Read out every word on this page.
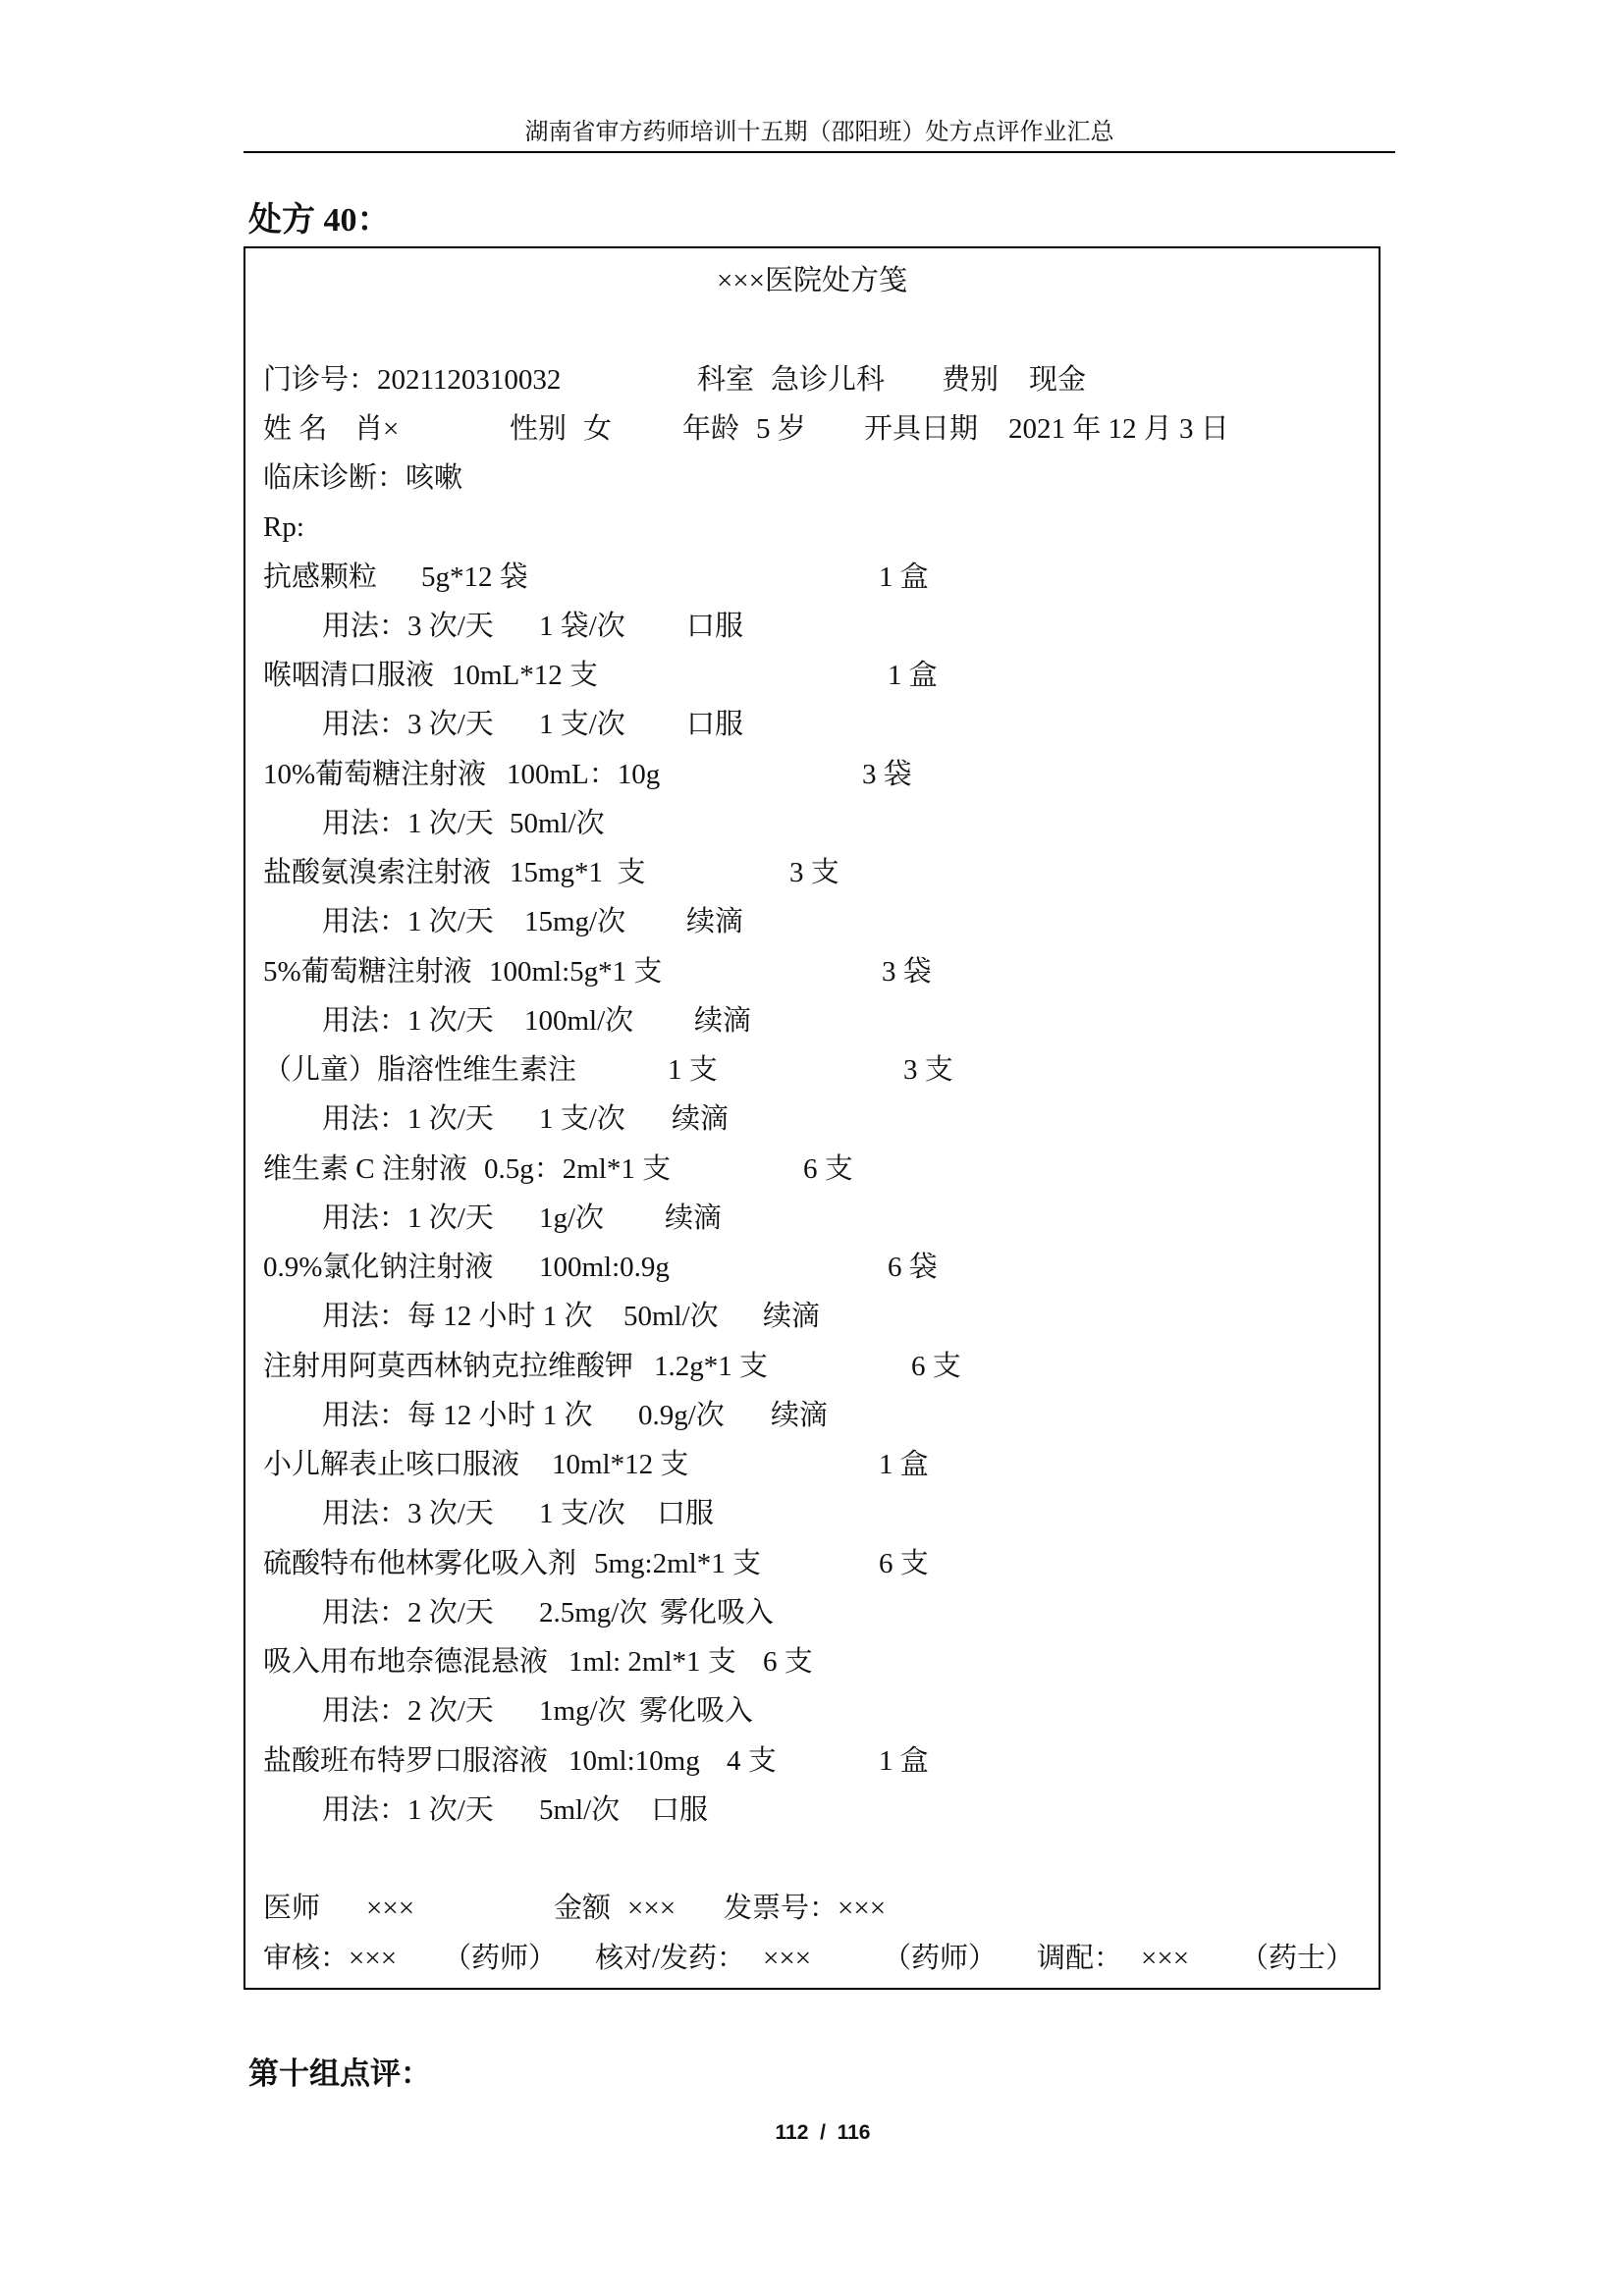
湖南省审方药师培训十五期（邵阳班）处方点评作业汇总
处方 40：
×××医院处方笺
门诊号：2021120310032	科室 急诊儿科 费别 现金
姓 名 肖×	性别 女 年龄 5 岁 开具日期 2021 年 12 月 3 日
临床诊断：咳嗽
Rp:
抗感颗粒 5g*12 袋	1 盒
用法：3 次/天 1 袋/次 口服
喉咽清口服液 10mL*12 支	1 盒
用法：3 次/天 1 支/次 口服
10%葡萄糖注射液 100mL：10g	3 袋
用法：1 次/天 50ml/次
盐酸氨溴索注射液 15mg*1  支	3 支
用法：1 次/天 15mg/次 续滴
5%葡萄糖注射液 100ml:5g*1 支	3 袋
用法：1 次/天 100ml/次 续滴
（儿童）脂溶性维生素注	1 支	3 支
用法：1 次/天 1 支/次 续滴
维生素 C 注射液 0.5g：2ml*1 支	6 支
用法：1 次/天 1g/次 续滴
0.9%氯化钠注射液 100ml:0.9g	6 袋
用法：每 12 小时 1 次 50ml/次 续滴
注射用阿莫西林钠克拉维酸钾 1.2g*1 支	6 支
用法：每 12 小时 1 次 0.9g/次 续滴
小儿解表止咳口服液 10ml*12 支	1 盒
用法：3 次/天 1 支/次 口服
硫酸特布他林雾化吸入剂 5mg:2ml*1 支	6 支
用法：2 次/天 2.5mg/次 雾化吸入
吸入用布地奈德混悬液 1ml: 2ml*1 支 6 支
用法：2 次/天 1mg/次 雾化吸入
盐酸班布特罗口服溶液 10ml:10mg 4 支	1 盒
用法：1 次/天 5ml/次 口服
医师 ×××	金额 ××× 发票号：×××
审核：××× （药师） 核对/发药： ×××	（药师） 调配： ××× （药士）
第十组点评：
112  /  116
